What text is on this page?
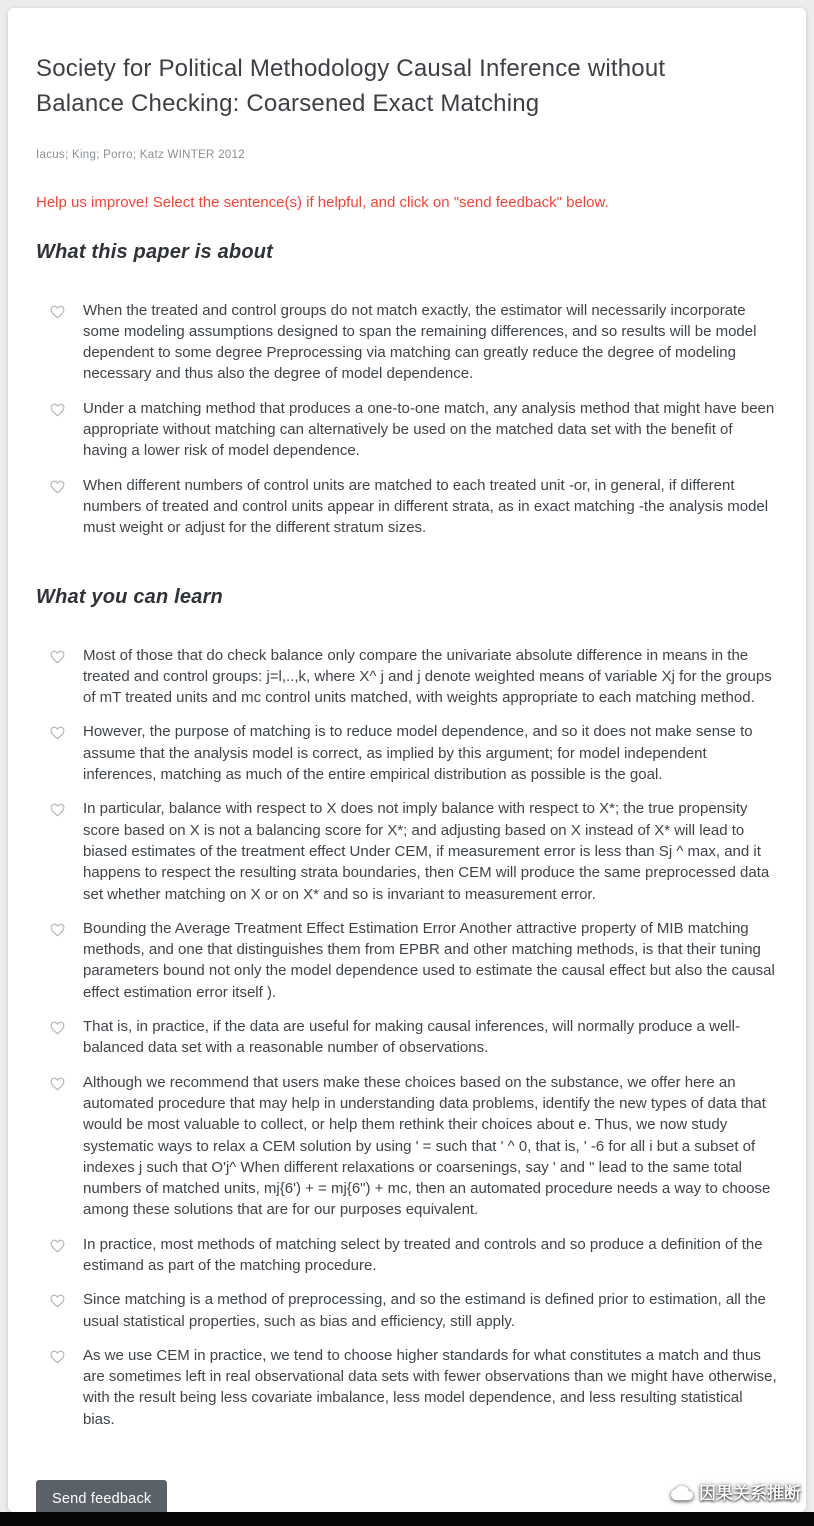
Society for Political Methodology Causal Inference without Balance Checking: Coarsened Exact Matching
Iacus; King; Porro; Katz WINTER 2012
Help us improve! Select the sentence(s) if helpful, and click on "send feedback" below.
What this paper is about
When the treated and control groups do not match exactly, the estimator will necessarily incorporate some modeling assumptions designed to span the remaining differences, and so results will be model dependent to some degree Preprocessing via matching can greatly reduce the degree of modeling necessary and thus also the degree of model dependence.
Under a matching method that produces a one-to-one match, any analysis method that might have been appropriate without matching can alternatively be used on the matched data set with the benefit of having a lower risk of model dependence.
When different numbers of control units are matched to each treated unit -or, in general, if different numbers of treated and control units appear in different strata, as in exact matching -the analysis model must weight or adjust for the different stratum sizes.
What you can learn
Most of those that do check balance only compare the univariate absolute difference in means in the treated and control groups: j=l,..,k, where X^ j and j denote weighted means of variable Xj for the groups of mT treated units and mc control units matched, with weights appropriate to each matching method.
However, the purpose of matching is to reduce model dependence, and so it does not make sense to assume that the analysis model is correct, as implied by this argument; for model independent inferences, matching as much of the entire empirical distribution as possible is the goal.
In particular, balance with respect to X does not imply balance with respect to X*; the true propensity score based on X is not a balancing score for X*; and adjusting based on X instead of X* will lead to biased estimates of the treatment effect Under CEM, if measurement error is less than Sj ^ max, and it happens to respect the resulting strata boundaries, then CEM will produce the same preprocessed data set whether matching on X or on X* and so is invariant to measurement error.
Bounding the Average Treatment Effect Estimation Error Another attractive property of MIB matching methods, and one that distinguishes them from EPBR and other matching methods, is that their tuning parameters bound not only the model dependence used to estimate the causal effect but also the causal effect estimation error itself ).
That is, in practice, if the data are useful for making causal inferences, will normally produce a well-balanced data set with a reasonable number of observations.
Although we recommend that users make these choices based on the substance, we offer here an automated procedure that may help in understanding data problems, identify the new types of data that would be most valuable to collect, or help them rethink their choices about e. Thus, we now study systematic ways to relax a CEM solution by using ' = such that ' ^ 0, that is, ' -6 for all i but a subset of indexes j such that O'j^ When different relaxations or coarsenings, say ' and " lead to the same total numbers of matched units, mj{6') + = mj{6") + mc, then an automated procedure needs a way to choose among these solutions that are for our purposes equivalent.
In practice, most methods of matching select by treated and controls and so produce a definition of the estimand as part of the matching procedure.
Since matching is a method of preprocessing, and so the estimand is defined prior to estimation, all the usual statistical properties, such as bias and efficiency, still apply.
As we use CEM in practice, we tend to choose higher standards for what constitutes a match and thus are sometimes left in real observational data sets with fewer observations than we might have otherwise, with the result being less covariate imbalance, less model dependence, and less resulting statistical bias.
Send feedback	因果关系推断
